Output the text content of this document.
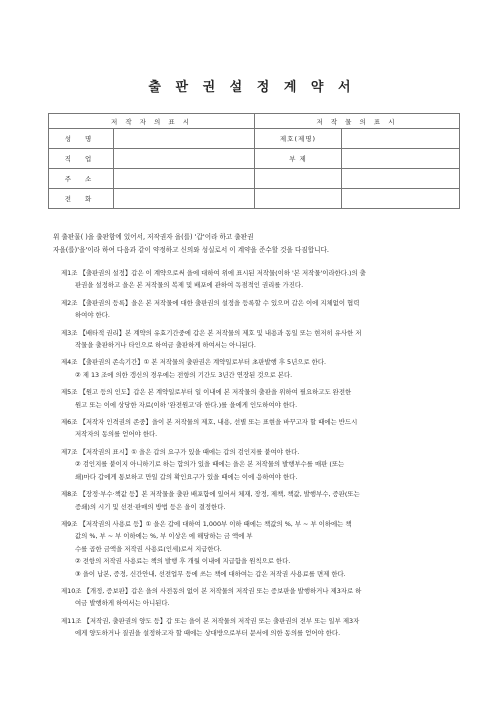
출 판 권 설 정 계 약 서
저 작 자 의 표 시		저 작 물 의 표 시	
성 명		제호(제명)	
직 업		부 제	
주 소			
전 화			
위 출판물( )을 출판함에 있어서, 저작권자 을(를) '갑'이라 하고 출판권
자을(를)'을'이라 하여 다음과 같이 약정하고 신의와 성실로서 이 계약을 준수할 것을 다짐합니다.
제1조 【출판권의 설정】갑은 이 계약으로써 을에 대하여 위에 표시된 저작물(이하 '본 저작물'이라한다.)의 출
판권을 설정하고 을은 본 저작물의 복제 및 배포에 관하여 독점적인 권리를 가진다.
제2조 【출판권의 등록】을은 본 저작물에 대한 출판권의 설정을 등록할 수 있으며 갑은 이에 지체없이 협력
하여야 한다.
제3조 【배타적 권리】본 계약의 유효기간중에 갑은 본 저작물의 제호 및 내용과 동일 또는 현저히 유사한 저
작물을 출판하거나 타인으로 하여금 출판하게 하여서는 아니된다.
제4조 【출판권의 존속기간】① 본 저작물의 출판권은 계약일로부터 초판발행 후 5년으로 한다.
② 제 13 조에 의한 갱신의 경우에는 전항의 기간도 3년간 연장된 것으로 본다.
제5조 【원고 등의 인도】갑은 본 계약일로부터 일 이내에 본 저작물의 출판을 위하여 필요하고도 완전한
원고 또는 이에 상당한 자료(이하 '완전원고'라 한다.)를 을에게 인도하여야 한다.
제6조 【저작자 인격권의 존중】을이 본 저작물의 제호, 내용, 선별 또는 표현을 바꾸고자 할 때에는 반드시
저작자의 동의를 얻어야 한다.
제7조 【저작권의 표시】① 을은 갑의 요구가 있을 때에는 갑의 검인지를 붙여야 한다.
② 검인지를 붙이지 아니하기로 하는 합의가 있을 때에는 을은 본 저작물의 발행부수를 매판 (또는
쇄)마다 갑에게 통보하고 만일 갑의 확인요구가 있을 때에는 이에 응하여야 한다.
제8조 【장정·부수·책값 등】본 저작물을 출판 배포함에 있어서 체재, 장정, 제책, 책값, 발행부수, 증판(또는
증쇄)의 시기 및 선전·판매의 방법 등은 을이 결정한다.
제9조 【저작권의 사용료 등】① 을은 갑에 대하여 1,000부 이하 때에는 책값의 %, 부 ~ 부 이하에는 책
값의 %, 부 ~ 부 이하에는 %, 부 이상은 에 해당하는 금 액에 부
수를 곱한 금액을 저작권 사용료(인세)로서 지급한다.
② 전항의 저작권 사용료는 책의 발행 후 개월 이내에 지급함을 원칙으로 한다.
③ 을이 납본, 증정, 신간안내, 선전업무 등에 쓰는 책에 대하여는 갑은 저작권 사용료를 면제 한다.
제10조 【개정, 증보판】갑은 을의 사전동의 없이 본 저작물의 저작권 또는 증보판을 발행하거나 제3자로 하
여금 발행하게 하여서는 아니된다.
제11조 【저작권, 출판권의 양도 등】갑 또는 을이 본 저작물의 저작권 또는 출판권의 전부 또는 일부 제3자
에게 양도하거나 질권을 설정하고자 할 때에는 상대방으로부터 문서에 의한 동의를 얻어야 한다.
